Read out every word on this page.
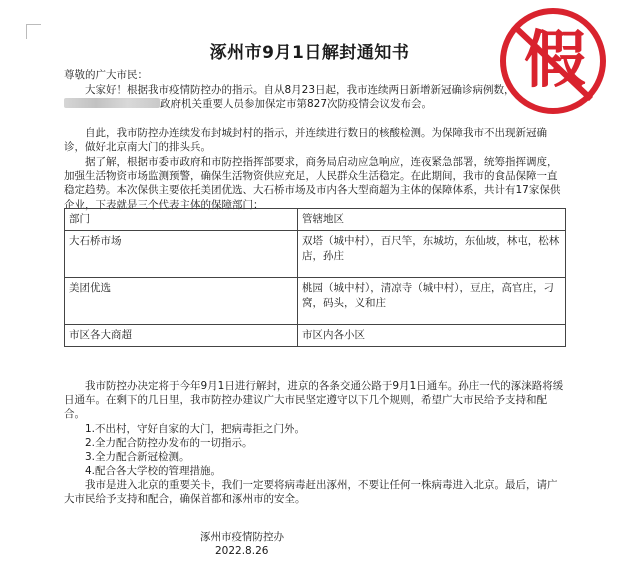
涿州市9月1日解封通知书

尊敬的广大市民：

大家好！根据我市疫情防控办的指示。自从8月23日起，我市连续两日新增新冠确诊病例数，政府机关重要人员参加保定市第827次防疫情会议发布会。

自此，我市防控办连续发布封城封村的指示，并连续进行数日的核酸检测。为保障我市不出现新冠确诊，做好北京南大门的排头兵。

据了解，根据市委市政府和市防控指挥部要求，商务局启动应急响应，连夜紧急部署，统筹指挥调度，加强生活物资市场监测预警，确保生活物资供应充足，人民群众生活稳定。在此期间，我市的食品保障一直稳定趋势。本次保供主要依托美团优选、大石桥市场及市内各大型商超为主体的保障体系，共计有17家保供企业，下表就是三个代表主体的保障部门：

部门	管辖地区
大石桥市场	双塔（城中村），百尺竿，东城坊，东仙坡，林屯，松林店，孙庄
美团优选	桃园（城中村），清凉寺（城中村），豆庄，高官庄，刁窝，码头，义和庄
市区各大商超	市区内各小区

我市防控办决定将于今年9月1日进行解封，进京的各条交通公路于9月1日通车。孙庄一代的涿涞路将缓日通车。在剩下的几日里，我市防控办建议广大市民坚定遵守以下几个规则，希望广大市民给予支持和配合。

1.不出村，守好自家的大门，把病毒拒之门外。

2.全力配合防控办发布的一切指示。

3.全力配合新冠检测。

4.配合各大学校的管理措施。

我市是进入北京的重要关卡，我们一定要将病毒赶出涿州，不要让任何一株病毒进入北京。最后，请广大市民给予支持和配合，确保首都和涿州市的安全。

涿州市疫情防控办
2022.8.26
假
